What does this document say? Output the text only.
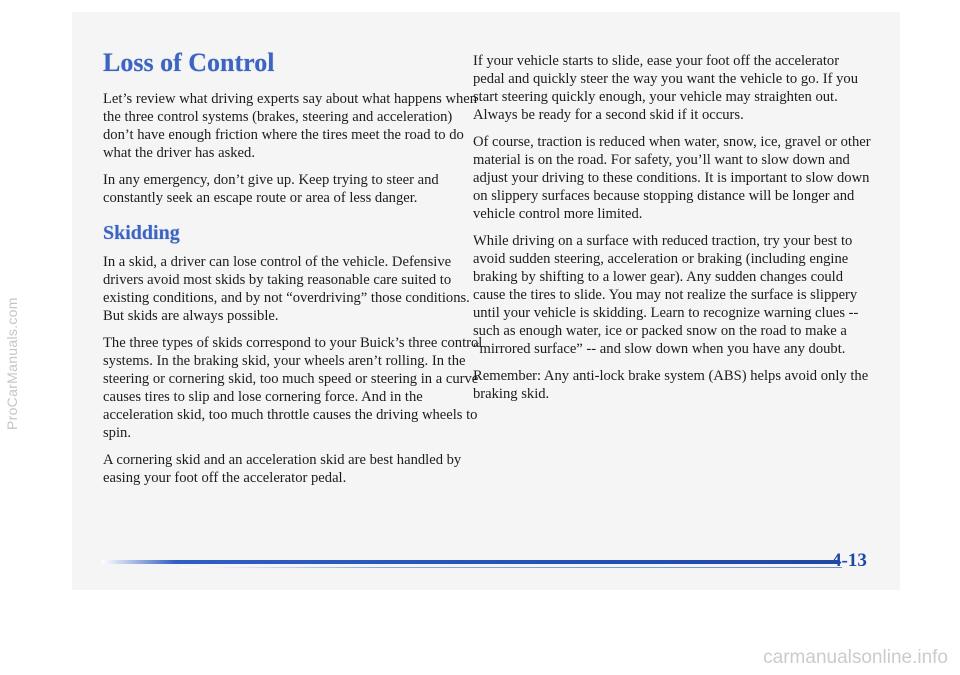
Loss of Control

Let’s review what driving experts say about what happens when the three control systems (brakes, steering and acceleration) don’t have enough friction where the tires meet the road to do what the driver has asked.

In any emergency, don’t give up. Keep trying to steer and constantly seek an escape route or area of less danger.

Skidding

In a skid, a driver can lose control of the vehicle. Defensive drivers avoid most skids by taking reasonable care suited to existing conditions, and by not “overdriving” those conditions. But skids are always possible.

The three types of skids correspond to your Buick’s three control systems. In the braking skid, your wheels aren’t rolling. In the steering or cornering skid, too much speed or steering in a curve causes tires to slip and lose cornering force. And in the acceleration skid, too much throttle causes the driving wheels to spin.

A cornering skid and an acceleration skid are best handled by easing your foot off the accelerator pedal.

If your vehicle starts to slide, ease your foot off the accelerator pedal and quickly steer the way you want the vehicle to go. If you start steering quickly enough, your vehicle may straighten out. Always be ready for a second skid if it occurs.

Of course, traction is reduced when water, snow, ice, gravel or other material is on the road. For safety, you’ll want to slow down and adjust your driving to these conditions. It is important to slow down on slippery surfaces because stopping distance will be longer and vehicle control more limited.

While driving on a surface with reduced traction, try your best to avoid sudden steering, acceleration or braking (including engine braking by shifting to a lower gear). Any sudden changes could cause the tires to slide. You may not realize the surface is slippery until your vehicle is skidding. Learn to recognize warning clues -- such as enough water, ice or packed snow on the road to make a “mirrored surface” -- and slow down when you have any doubt.

Remember: Any anti-lock brake system (ABS) helps avoid only the braking skid.

4-13
ProCarManuals.com
carmanualsonline.info
